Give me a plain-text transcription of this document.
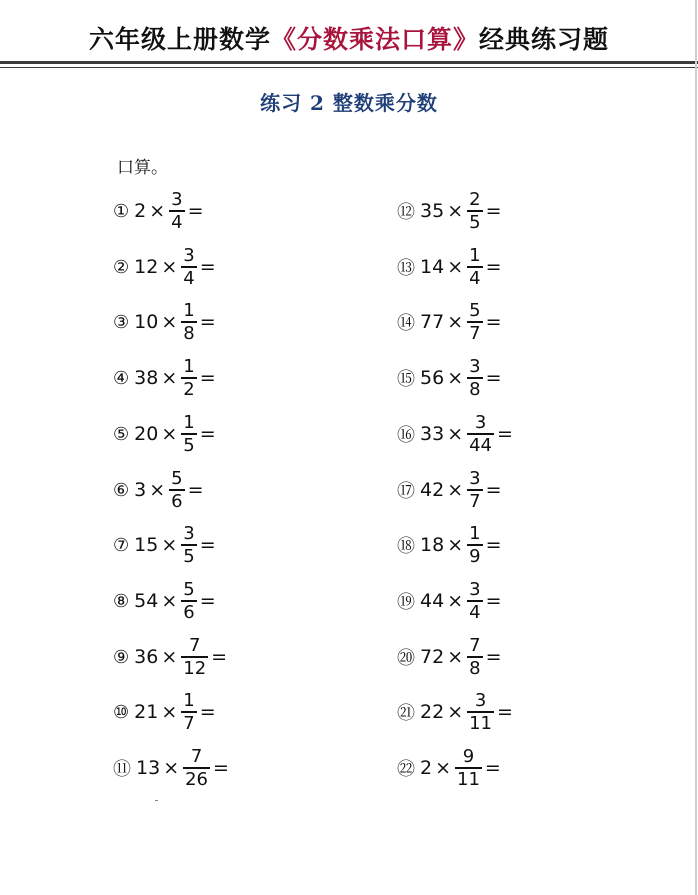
六年级上册数学《分数乘法口算》经典练习题
练习 2 整数乘分数
口算。
① $2 \times \frac{3}{4}$ =
② $12 \times \frac{3}{4}$ =
③ $10 \times \frac{1}{8}$ =
④ $38 \times \frac{1}{2}$ =
⑤ $20 \times \frac{1}{5}$ =
⑥ $3 \times \frac{5}{6}$ =
⑦ $15 \times \frac{3}{5}$ =
⑧ $54 \times \frac{5}{6}$ =
⑨ $36 \times \frac{7}{12}$ =
⑩ $21 \times \frac{1}{7}$ =
⑪ $13 \times \frac{7}{26}$ =
⑫ $35 \times \frac{2}{5}$ =
⑬ $14 \times \frac{1}{4}$ =
⑭ $77 \times \frac{5}{7}$ =
⑮ $56 \times \frac{3}{8}$ =
⑯ $33 \times \frac{3}{44}$ =
⑰ $42 \times \frac{3}{7}$ =
⑱ $18 \times \frac{1}{9}$ =
⑲ $44 \times \frac{3}{4}$ =
⑳ $72 \times \frac{7}{8}$ =
㉑ $22 \times \frac{3}{11}$ =
㉒ $2 \times \frac{9}{11}$ =
